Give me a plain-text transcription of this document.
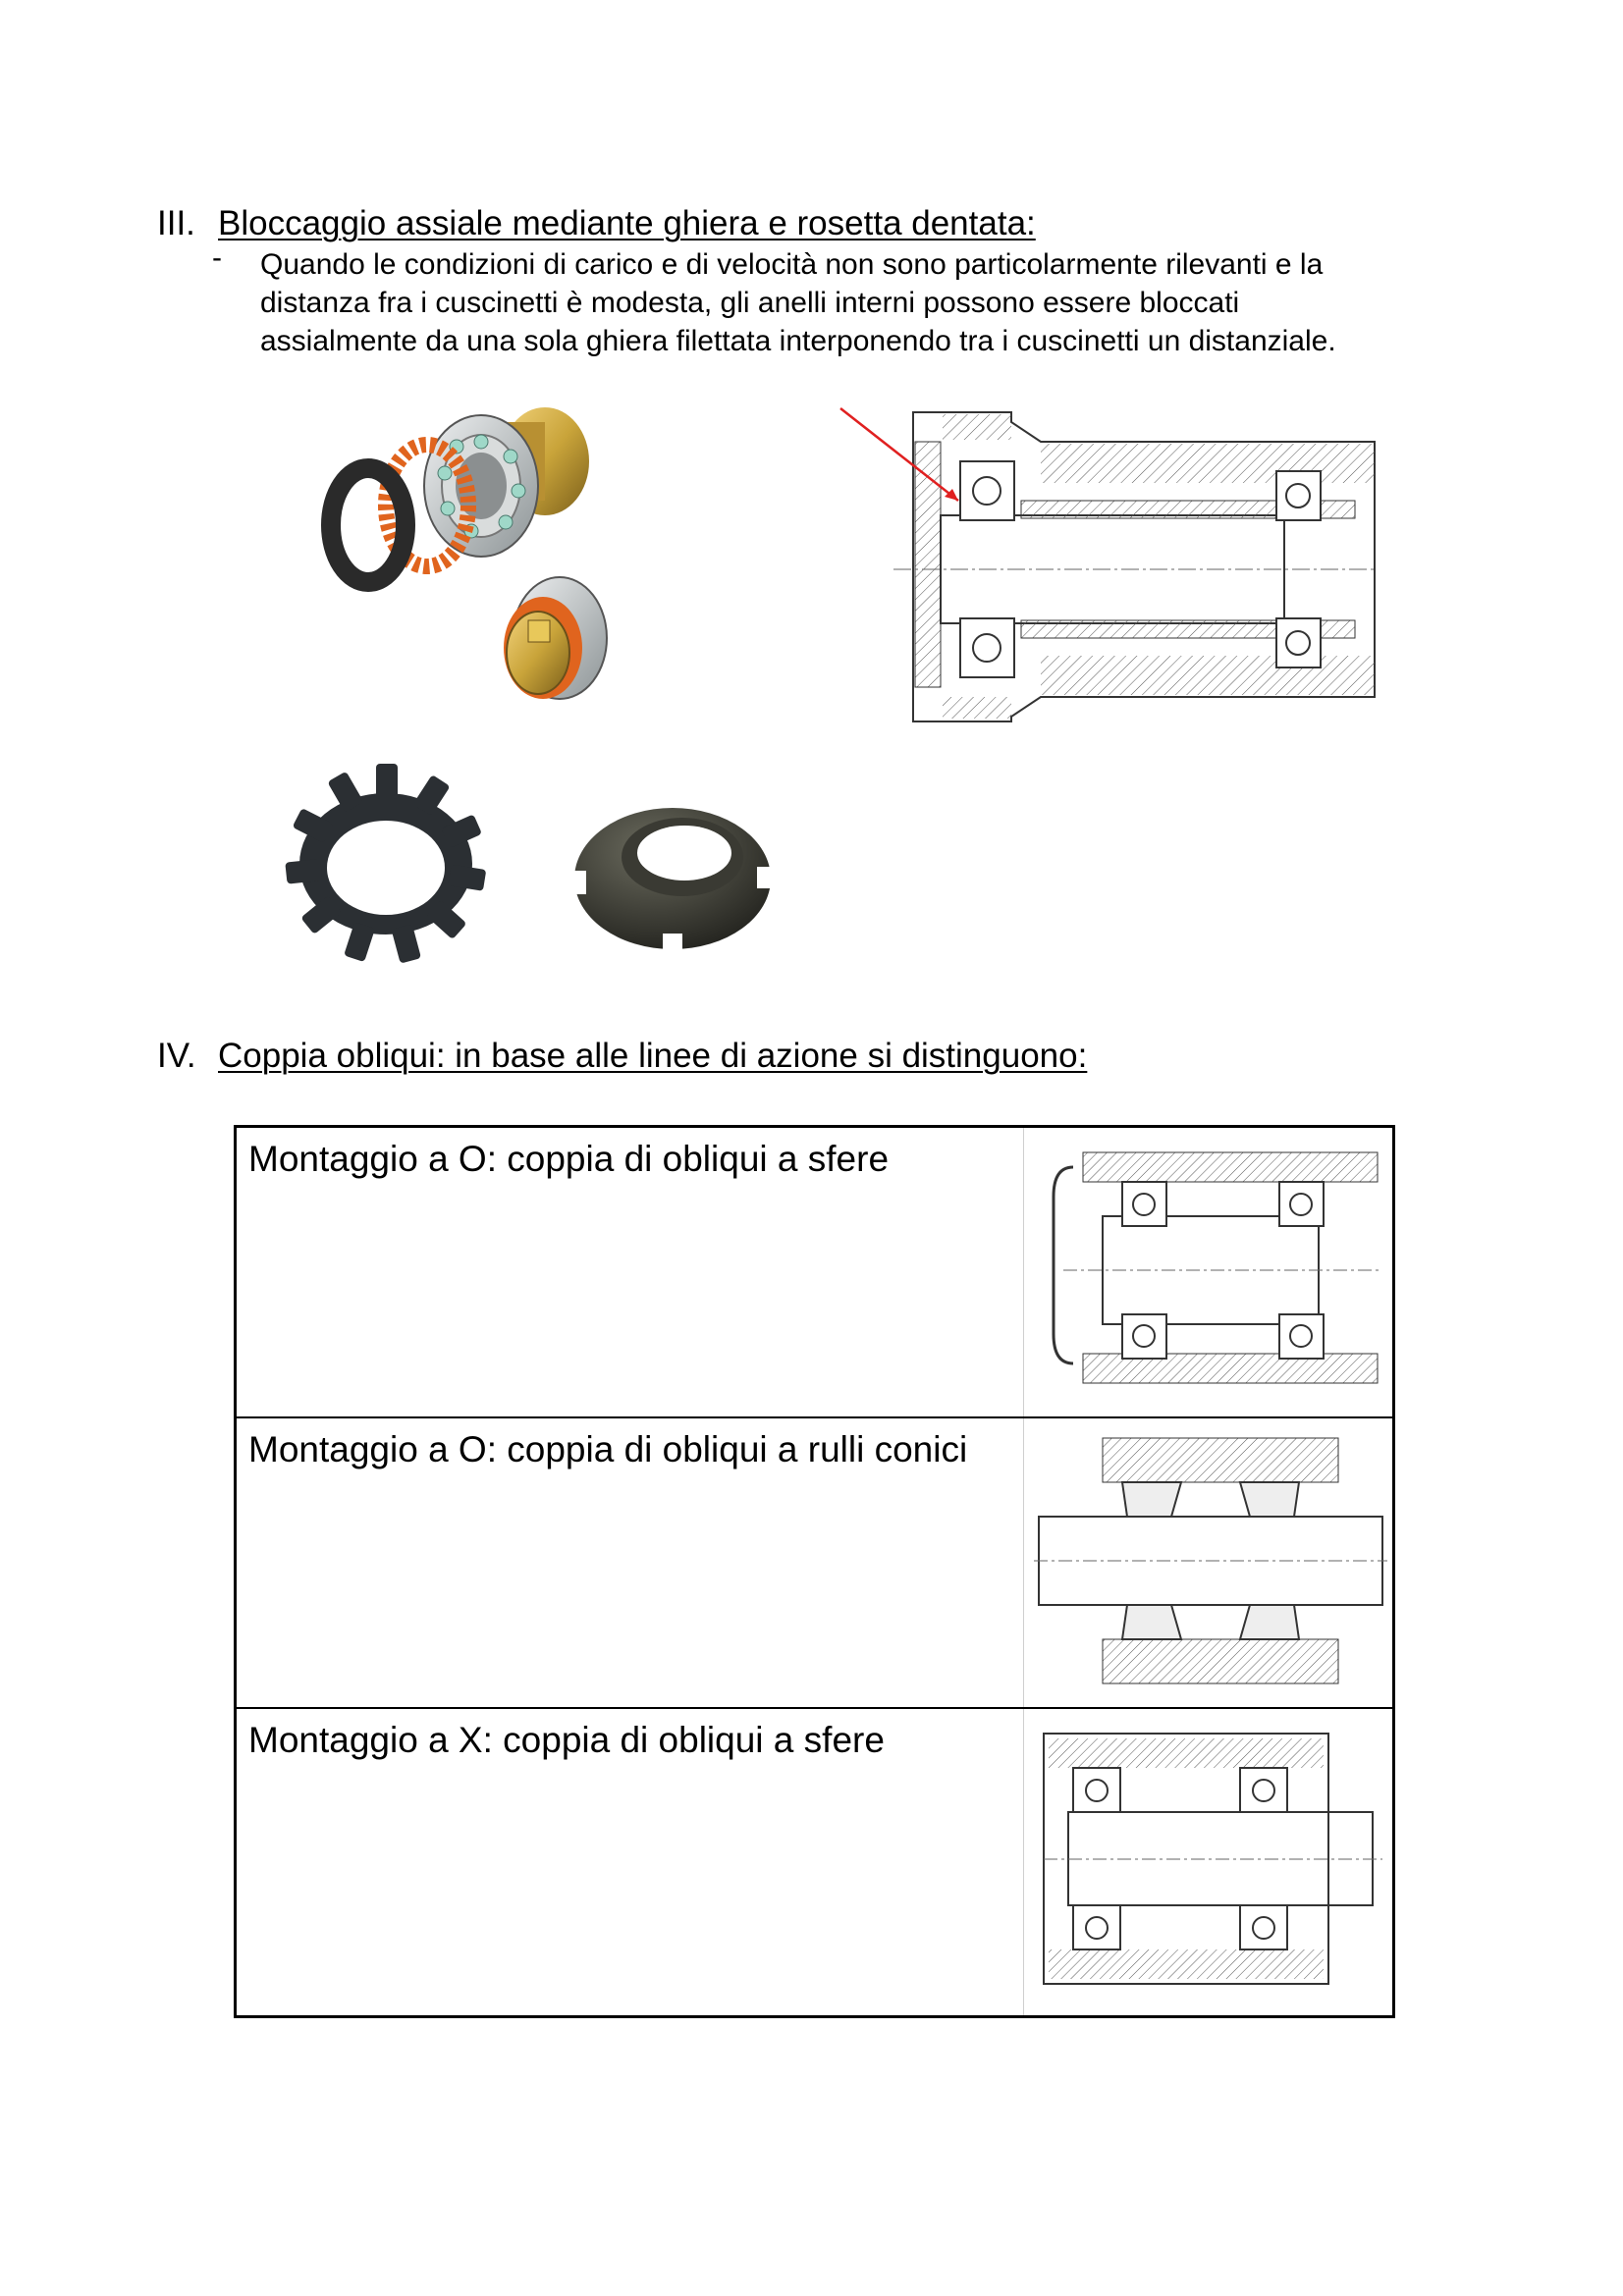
III. Bloccaggio assiale mediante ghiera e rosetta dentata:
- Quando le condizioni di carico e di velocità non sono particolarmente rilevanti e la
distanza fra i cuscinetti è modesta, gli anelli interni possono essere bloccati
assialmente da una sola ghiera filettata interponendo tra i cuscinetti un distanziale.
IV. Coppia obliqui: in base alle linee di azione si distinguono:
Montaggio a O: coppia di obliqui a sfere
Montaggio a O: coppia di obliqui a rulli conici
Montaggio a X: coppia di obliqui a sfere
